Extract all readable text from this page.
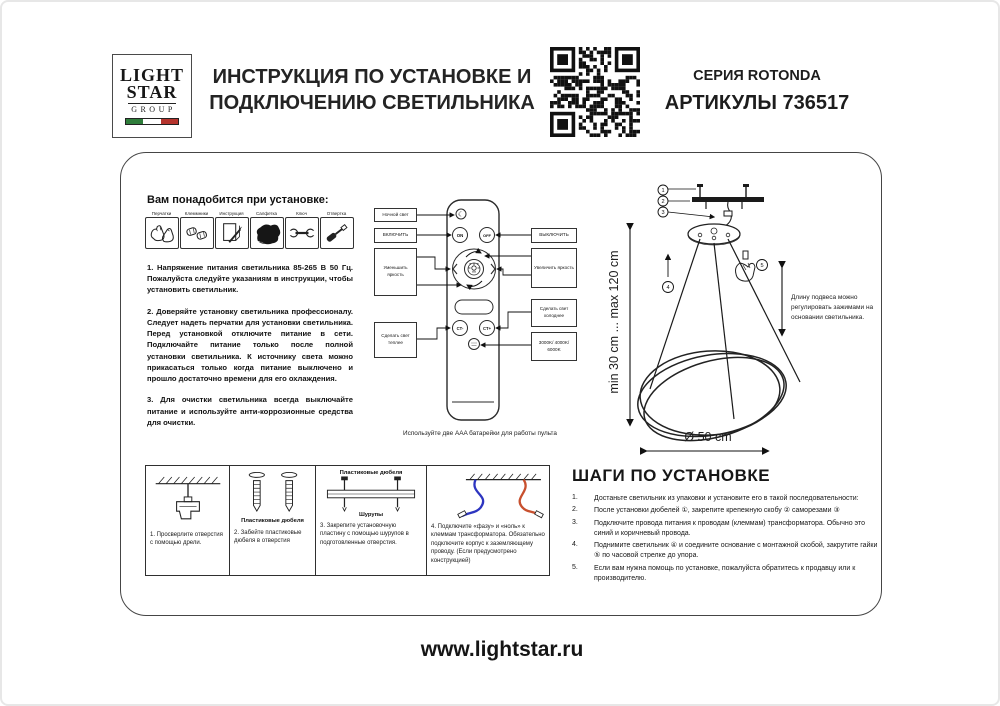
LIGHT
STAR
GROUP
ИНСТРУКЦИЯ ПО УСТАНОВКЕ И
ПОДКЛЮЧЕНИЮ СВЕТИЛЬНИКА
СЕРИЯ ROTONDA
АРТИКУЛЫ 736517
Вам понадобится при установке:
Перчатки	Клеммники Инструкция	Салфетка	Ключ	Отвертка

1. Напряжение питания светильника 85-265 В 50 Гц. Пожалуйста следуйте указаниям в инструкции, чтобы установить светильник.

2. Доверяйте установку светильника профессионалу. Следует надеть перчатки для установки светильника. Перед установкой отключите питание в сети. Подключайте питание только после полной установки светильника. К источнику света можно прикасаться только когда питание выключено и прошло достаточно времени для его охлаждения.

3. Для очистки светильника всегда выключайте питание и используйте анти-коррозионные средства для очистки.

☾
ON	OFF
CT-	CT+
Ночной свет
ВКЛЮЧИТЬ
Уменьшить яркость
Сделать свет теплее
ВЫКЛЮЧИТЬ
Увеличить яркость
Сделать свет холоднее
3000K/ 4000K/ 6000K
Используйте две AAA батарейки для работы пульта
1
2
3
4
5
min 30 cm ... max 120 cm	Длину подвеса можно регулировать зажимами на основании светильника.
Ø 50 cm
1. Просверлите отверстия с помощью дрели.
Пластиковые дюбеля
2. Забейте пластиковые дюбеля в отверстия
Пластиковые дюбеля
Шурупы
3. Закрепите установочную пластину с помощью шурупов в подготовленные отверстия.
4. Подключите «фазу» и «ноль» к клеммам трансформатора. Обязательно подключите корпус к заземляющему проводу. (Если предусмотрено конструкцией)
ШАГИ ПО УСТАНОВКЕ
1.	Достаньте светильник из упаковки и установите его в такой последовательности:
2.	После установки дюбелей ①, закрепите крепежную скобу ② саморезами ③
3.	Подключите провода питания к проводам (клеммам) трансформатора. Обычно это синий и коричневый провода.
4.	Поднимите светильник ④ и соедините основание с монтажной скобой, закрутите гайки ⑤ по часовой стрелке до упора.
5.	Если вам нужна помощь по установке, пожалуйста обратитесь к продавцу или к производителю.
www.lightstar.ru
